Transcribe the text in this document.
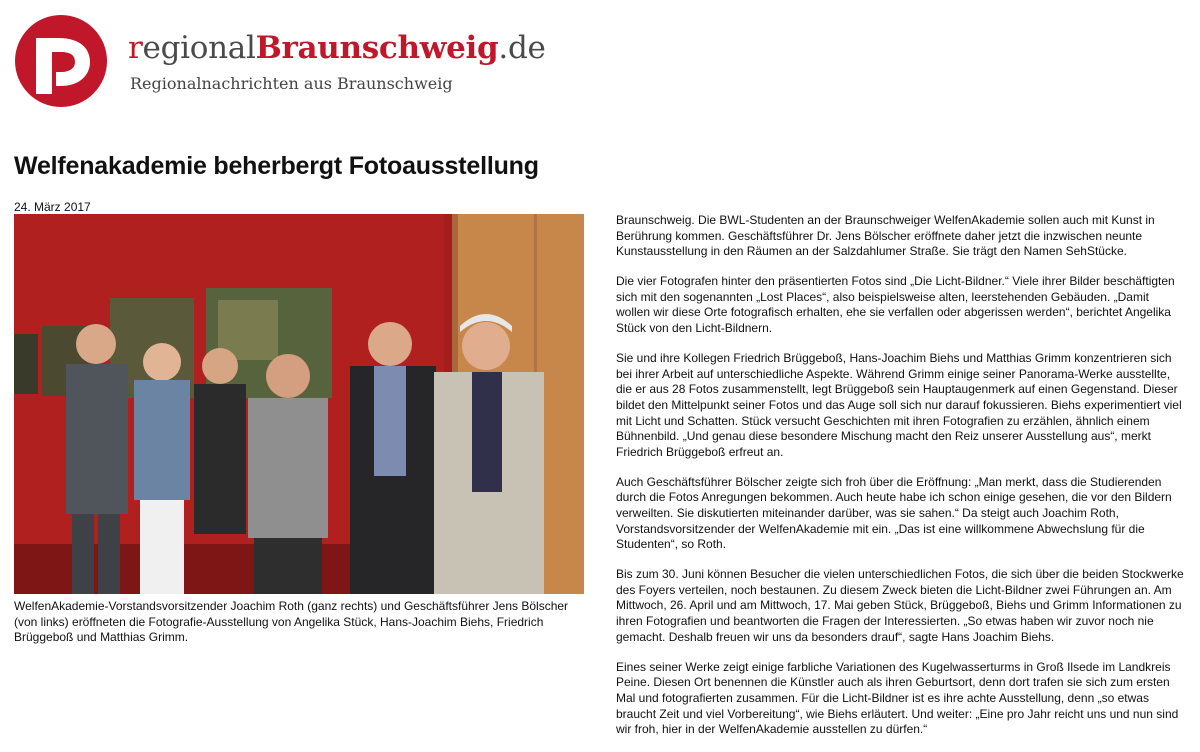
regionalBraunschweig.de
Regionalnachrichten aus Braunschweig
Welfenakademie beherbergt Fotoausstellung
24. März 2017

WelfenAkademie-Vorstandsvorsitzender Joachim Roth (ganz rechts) und Geschäftsführer Jens Bölscher (von links) eröffneten die Fotografie-Ausstellung von Angelika Stück, Hans-Joachim Biehs, Friedrich Brüggeboß und Matthias Grimm.

Braunschweig. Die BWL-Studenten an der Braunschweiger WelfenAkademie sollen auch mit Kunst in Berührung kommen. Geschäftsführer Dr. Jens Bölscher eröffnete daher jetzt die inzwischen neunte Kunstausstellung in den Räumen an der Salzdahlumer Straße. Sie trägt den Namen SehStücke.

Die vier Fotografen hinter den präsentierten Fotos sind „Die Licht-Bildner.“ Viele ihrer Bilder beschäftigten sich mit den sogenannten „Lost Places“, also beispielsweise alten, leerstehenden Gebäuden. „Damit wollen wir diese Orte fotografisch erhalten, ehe sie verfallen oder abgerissen werden“, berichtet Angelika Stück von den Licht-Bildnern.

Sie und ihre Kollegen Friedrich Brüggeboß, Hans-Joachim Biehs und Matthias Grimm konzentrieren sich bei ihrer Arbeit auf unterschiedliche Aspekte. Während Grimm einige seiner Panorama-Werke ausstellte, die er aus 28 Fotos zusammenstellt, legt Brüggeboß sein Hauptaugenmerk auf einen Gegenstand. Dieser bildet den Mittelpunkt seiner Fotos und das Auge soll sich nur darauf fokussieren. Biehs experimentiert viel mit Licht und Schatten. Stück versucht Geschichten mit ihren Fotografien zu erzählen, ähnlich einem Bühnenbild. „Und genau diese besondere Mischung macht den Reiz unserer Ausstellung aus“, merkt Friedrich Brüggeboß erfreut an.

Auch Geschäftsführer Bölscher zeigte sich froh über die Eröffnung: „Man merkt, dass die Studierenden durch die Fotos Anregungen bekommen. Auch heute habe ich schon einige gesehen, die vor den Bildern verweilten. Sie diskutierten miteinander darüber, was sie sahen.“ Da steigt auch Joachim Roth, Vorstandsvorsitzender der WelfenAkademie mit ein. „Das ist eine willkommene Abwechslung für die Studenten“, so Roth.

Bis zum 30. Juni können Besucher die vielen unterschiedlichen Fotos, die sich über die beiden Stockwerke des Foyers verteilen, noch bestaunen. Zu diesem Zweck bieten die Licht-Bildner zwei Führungen an. Am Mittwoch, 26. April und am Mittwoch, 17. Mai geben Stück, Brüggeboß, Biehs und Grimm Informationen zu ihren Fotografien und beantworten die Fragen der Interessierten. „So etwas haben wir zuvor noch nie gemacht. Deshalb freuen wir uns da besonders drauf“, sagte Hans Joachim Biehs.

Eines seiner Werke zeigt einige farbliche Variationen des Kugelwasserturms in Groß Ilsede im Landkreis Peine. Diesen Ort benennen die Künstler auch als ihren Geburtsort, denn dort trafen sie sich zum ersten Mal und fotografierten zusammen. Für die Licht-Bildner ist es ihre achte Ausstellung, denn „so etwas braucht Zeit und viel Vorbereitung“, wie Biehs erläutert. Und weiter: „Eine pro Jahr reicht uns und nun sind wir froh, hier in der WelfenAkademie ausstellen zu dürfen.“
